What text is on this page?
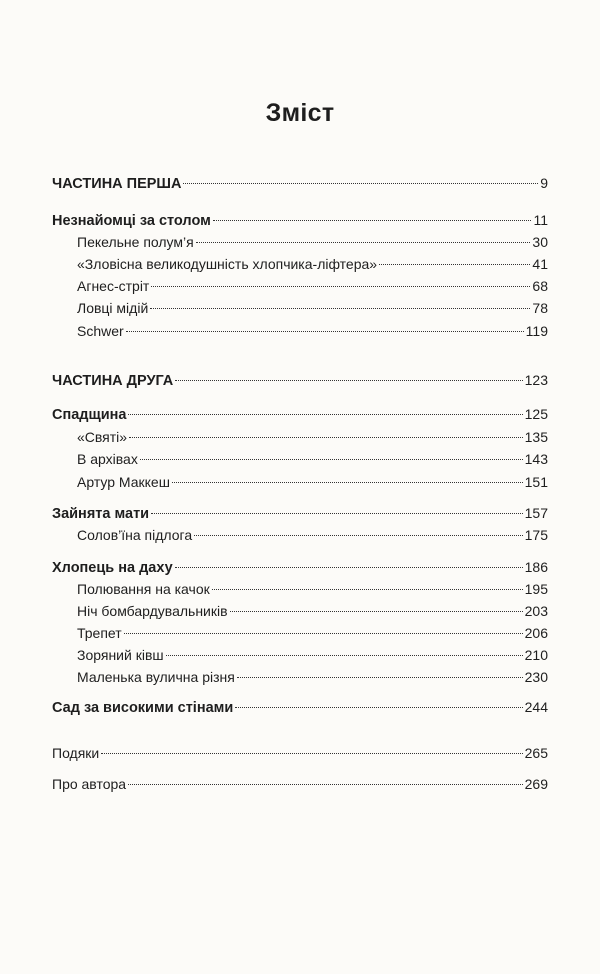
Зміст
ЧАСТИНА ПЕРША	9
Незнайомці за столом	11
Пекельне полум’я	30
«Зловісна великодушність хлопчика-ліфтера»	41
Агнес-стріт	68
Ловці мідій	78
Schwer	119
ЧАСТИНА ДРУГА	123
Спадщина	125
«Святі»	135
В архівах	143
Артур Маккеш	151
Зайнята мати	157
Солов’їна підлога	175
Хлопець на даху	186
Полювання на качок	195
Ніч бомбардувальників	203
Трепет	206
Зоряний ківш	210
Маленька вулична різня	230
Сад за високими стінами	244
Подяки	265
Про автора	269
